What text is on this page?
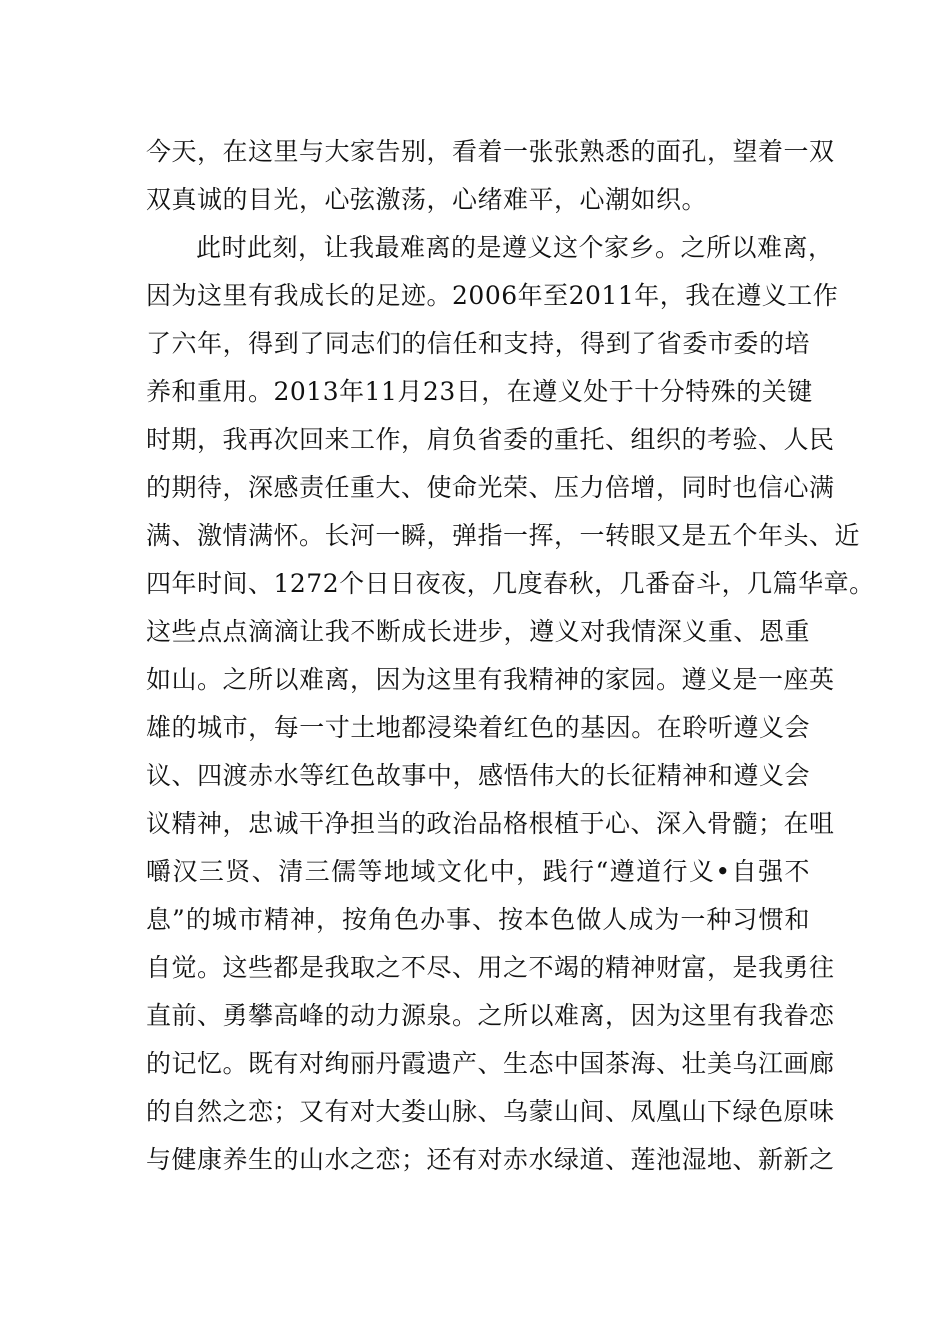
今天，在这里与大家告别，看着一张张熟悉的面孔，望着一双
双真诚的目光，心弦激荡，心绪难平，心潮如织。
此时此刻，让我最难离的是遵义这个家乡。之所以难离，
因为这里有我成长的足迹。2006年至2011年，我在遵义工作
了六年，得到了同志们的信任和支持，得到了省委市委的培
养和重用。2013年11月23日，在遵义处于十分特殊的关键
时期，我再次回来工作，肩负省委的重托、组织的考验、人民
的期待，深感责任重大、使命光荣、压力倍增，同时也信心满
满、激情满怀。长河一瞬，弹指一挥，一转眼又是五个年头、近
四年时间、1272个日日夜夜，几度春秋，几番奋斗，几篇华章。
这些点点滴滴让我不断成长进步，遵义对我情深义重、恩重
如山。之所以难离，因为这里有我精神的家园。遵义是一座英
雄的城市，每一寸土地都浸染着红色的基因。在聆听遵义会
议、四渡赤水等红色故事中，感悟伟大的长征精神和遵义会
议精神，忠诚干净担当的政治品格根植于心、深入骨髓；在咀
嚼汉三贤、清三儒等地域文化中，践行“遵道行义•自强不
息”的城市精神，按角色办事、按本色做人成为一种习惯和
自觉。这些都是我取之不尽、用之不竭的精神财富，是我勇往
直前、勇攀高峰的动力源泉。之所以难离，因为这里有我眷恋
的记忆。既有对绚丽丹霞遗产、生态中国茶海、壮美乌江画廊
的自然之恋；又有对大娄山脉、乌蒙山间、凤凰山下绿色原味
与健康养生的山水之恋；还有对赤水绿道、莲池湿地、新新之
